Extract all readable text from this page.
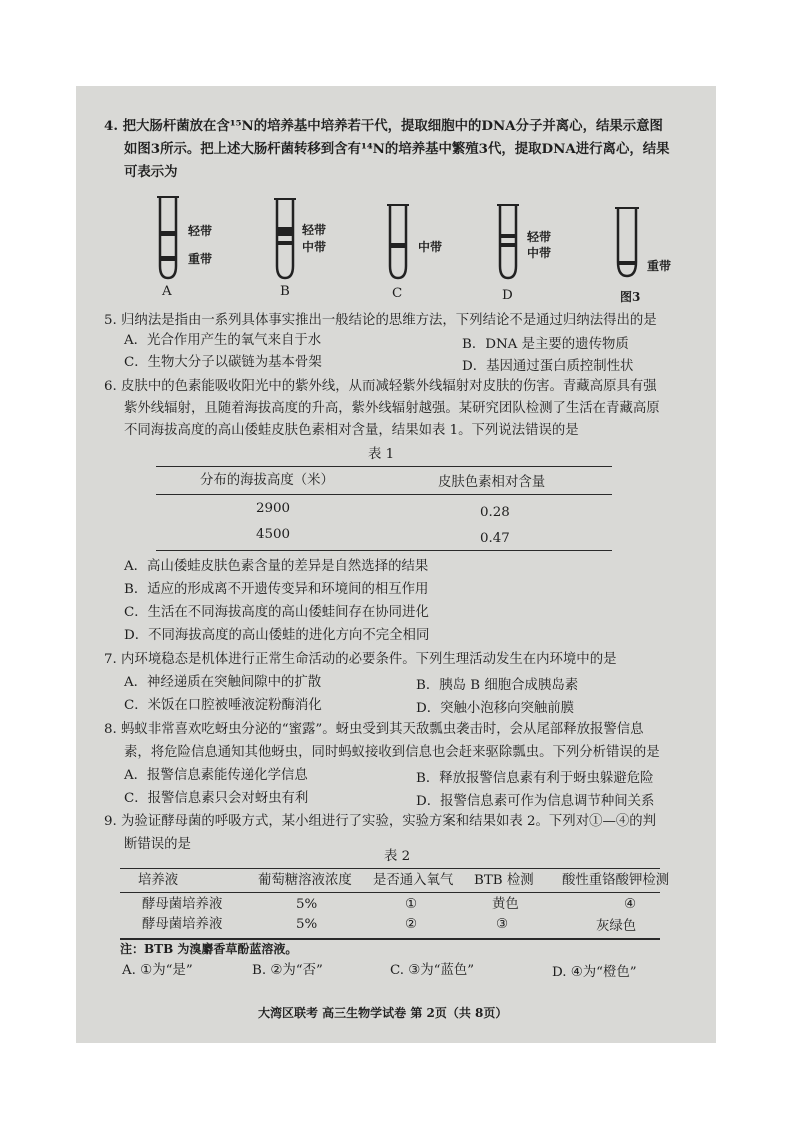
4. 把大肠杆菌放在含¹⁵N的培养基中培养若干代，提取细胞中的DNA分子并离心，结果示意图
如图3所示。把上述大肠杆菌转移到含有¹⁴N的培养基中繁殖3代，提取DNA进行离心，结果
可表示为
轻带
重带
轻带
中带	中带
轻带
中带
重带
A	B	C	D	图3
5. 归纳法是指由一系列具体事实推出一般结论的思维方法，下列结论不是通过归纳法得出的是
A．光合作用产生的氧气来自于水	B．DNA 是主要的遗传物质
C．生物大分子以碳链为基本骨架	D．基因通过蛋白质控制性状
6. 皮肤中的色素能吸收阳光中的紫外线，从而减轻紫外线辐射对皮肤的伤害。青藏高原具有强
紫外线辐射，且随着海拔高度的升高，紫外线辐射越强。某研究团队检测了生活在青藏高原
不同海拔高度的高山倭蛙皮肤色素相对含量，结果如表 1。下列说法错误的是
表 1
分布的海拔高度（米）	皮肤色素相对含量
2900	0.28
4500	0.47
A．高山倭蛙皮肤色素含量的差异是自然选择的结果
B．适应的形成离不开遗传变异和环境间的相互作用
C．生活在不同海拔高度的高山倭蛙间存在协同进化
D．不同海拔高度的高山倭蛙的进化方向不完全相同
7. 内环境稳态是机体进行正常生命活动的必要条件。下列生理活动发生在内环境中的是
A．神经递质在突触间隙中的扩散	B．胰岛 B 细胞合成胰岛素
C．米饭在口腔被唾液淀粉酶消化	D．突触小泡移向突触前膜
8. 蚂蚁非常喜欢吃蚜虫分泌的“蜜露”。蚜虫受到其天敌瓢虫袭击时，会从尾部释放报警信息
素，将危险信息通知其他蚜虫，同时蚂蚁接收到信息也会赶来驱除瓢虫。下列分析错误的是
A．报警信息素能传递化学信息	B．释放报警信息素有利于蚜虫躲避危险
C．报警信息素只会对蚜虫有利	D．报警信息素可作为信息调节种间关系
9. 为验证酵母菌的呼吸方式，某小组进行了实验，实验方案和结果如表 2。下列对①—④的判
断错误的是
表 2
培养液	葡萄糖溶液浓度 是否通入氧气 BTB 检测 酸性重铬酸钾检测
酵母菌培养液	5%	①	黄色	④
酵母菌培养液	5%	②	③	灰绿色
注：BTB 为溴麝香草酚蓝溶液。
A. ①为“是”	B. ②为“否”	C. ③为“蓝色”	D. ④为“橙色”
大湾区联考 高三生物学试卷 第 2页（共 8页）
